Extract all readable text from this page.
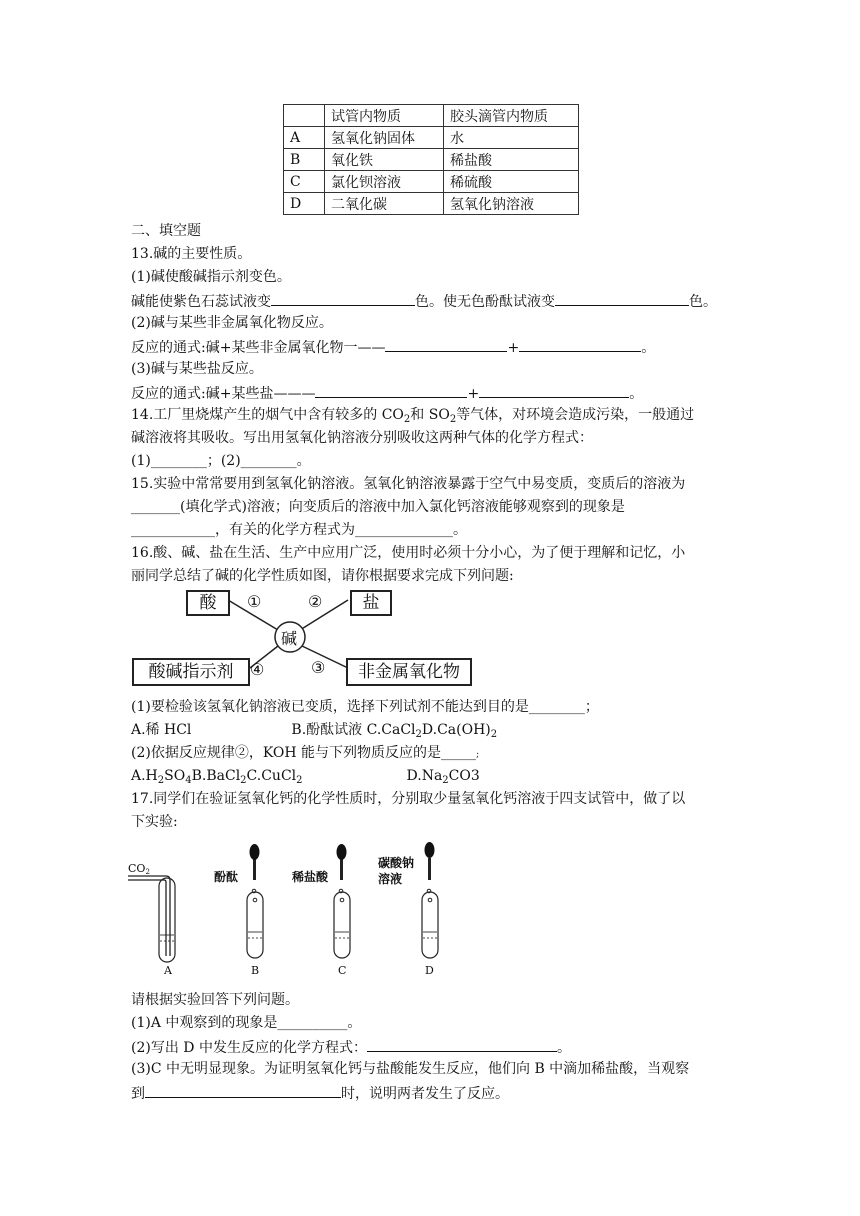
	试管内物质	胶头滴管内物质
A	氢氧化钠固体	水
B	氧化铁	稀盐酸
C	氯化钡溶液	稀硫酸
D	二氧化碳	氢氧化钠溶液
二、填空题
13.碱的主要性质。
(1)碱使酸碱指示剂变色。
碱能使紫色石蕊试液变	色。使无色酚酞试液变	色。
(2)碱与某些非金属氧化物反应。
反应的通式:碱+某些非金属氧化物一——	+	。
(3)碱与某些盐反应。
反应的通式:碱+某些盐———	+	。
14.工厂里烧煤产生的烟气中含有较多的 $CO_2$和 $SO_2$等气体，对环境会造成污染，一般通过
碱溶液将其吸收。写出用氢氧化钠溶液分别吸收这两种气体的化学方程式：
(1)________；(2)________。
15.实验中常常要用到氢氧化钠溶液。氢氧化钠溶液暴露于空气中易变质，变质后的溶液为
_______(填化学式)溶液；向变质后的溶液中加入氯化钙溶液能够观察到的现象是
____________，有关的化学方程式为______________。
16.酸、碱、盐在生活、生产中应用广泛，使用时必须十分小心，为了便于理解和记忆，小
丽同学总结了碱的化学性质如图，请你根据要求完成下列问题:
酸	盐
酸碱指示剂	非金属氧化物
碱
①	②
③
④
(1)要检验该氢氧化钠溶液已变质，选择下列试剂不能达到目的是________；
A.稀 HCl	B.酚酞试液 $C.CaCl_2D.Ca(OH)_2$
(2)依据反应规律②，KOH 能与下列物质反应的是_____;
$A.H_2SO_4B.BaCl_2C.CuCl_2$	$D.Na_2CO3$
17.同学们在验证氢氧化钙的化学性质时，分别取少量氢氧化钙溶液于四支试管中，做了以
下实验:
CO2	酚酞	稀盐酸
碳酸钠
溶液
A	B	C	D
请根据实验回答下列问题。
(1)A 中观察到的现象是__________。
(2)写出 D 中发生反应的化学方程式：	。
(3)C 中无明显现象。为证明氢氧化钙与盐酸能发生反应，他们向 B 中滴加稀盐酸，当观察
到	时，说明两者发生了反应。
